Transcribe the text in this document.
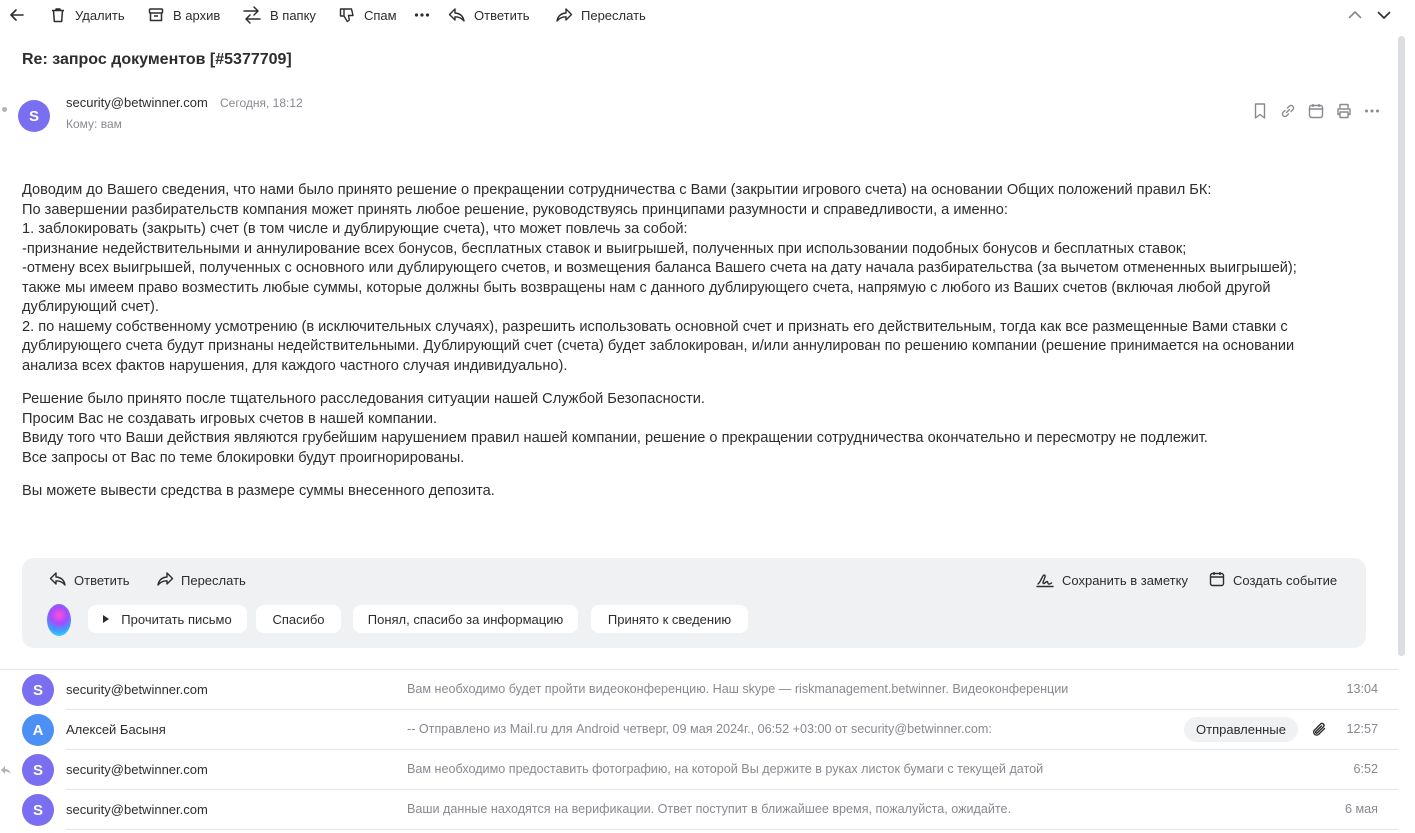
Удалить	В архив	В папку	Спам	Ответить	Переслать
Re: запрос документов [#5377709]
S
security@betwinner.com Сегодня, 18:12
Кому: вам

Доводим до Вашего сведения, что нами было принято решение о прекращении сотрудничества с Вами (закрытии игрового счета) на основании Общих положений правил БК:
По завершении разбирательств компания может принять любое решение, руководствуясь принципами разумности и справедливости, а именно:
1. заблокировать (закрыть) счет (в том числе и дублирующие счета), что может повлечь за собой:
-признание недействительными и аннулирование всех бонусов, бесплатных ставок и выигрышей, полученных при использовании подобных бонусов и бесплатных ставок;
-отмену всех выигрышей, полученных с основного или дублирующего счетов, и возмещения баланса Вашего счета на дату начала разбирательства (за вычетом отмененных выигрышей);
также мы имеем право возместить любые суммы, которые должны быть возвращены нам с данного дублирующего счета, напрямую с любого из Ваших счетов (включая любой другой
дублирующий счет).
2. по нашему собственному усмотрению (в исключительных случаях), разрешить использовать основной счет и признать его действительным, тогда как все размещенные Вами ставки с
дублирующего счета будут признаны недействительными. Дублирующий счет (счета) будет заблокирован, и/или аннулирован по решению компании (решение принимается на основании
анализа всех фактов нарушения, для каждого частного случая индивидуально).

Решение было принято после тщательного расследования ситуации нашей Службой Безопасности.
Просим Вас не создавать игровых счетов в нашей компании.
Ввиду того что Ваши действия являются грубейшим нарушением правил нашей компании, решение о прекращении сотрудничества окончательно и пересмотру не подлежит.
Все запросы от Вас по теме блокировки будут проигнорированы.

Вы можете вывести средства в размере суммы внесенного депозита.

Ответить	Переслать	Сохранить в заметку	Создать событие
Прочитать письмо	Спасибо	Понял, спасибо за информацию	Принято к сведению
S security@betwinner.com	Вам необходимо будет пройти видеоконференцию. Наш skype — riskmanagement.betwinner. Видеоконференции	13:04
А Алексей Басыня	-- Отправлено из Mail.ru для Android четверг, 09 мая 2024г., 06:52 +03:00 от security@betwinner.com:	Отправленные	12:57
S security@betwinner.com	Вам необходимо предоставить фотографию, на которой Вы держите в руках листок бумаги с текущей датой	6:52
S security@betwinner.com	Ваши данные находятся на верификации. Ответ поступит в ближайшее время, пожалуйста, ожидайте.	6 мая
